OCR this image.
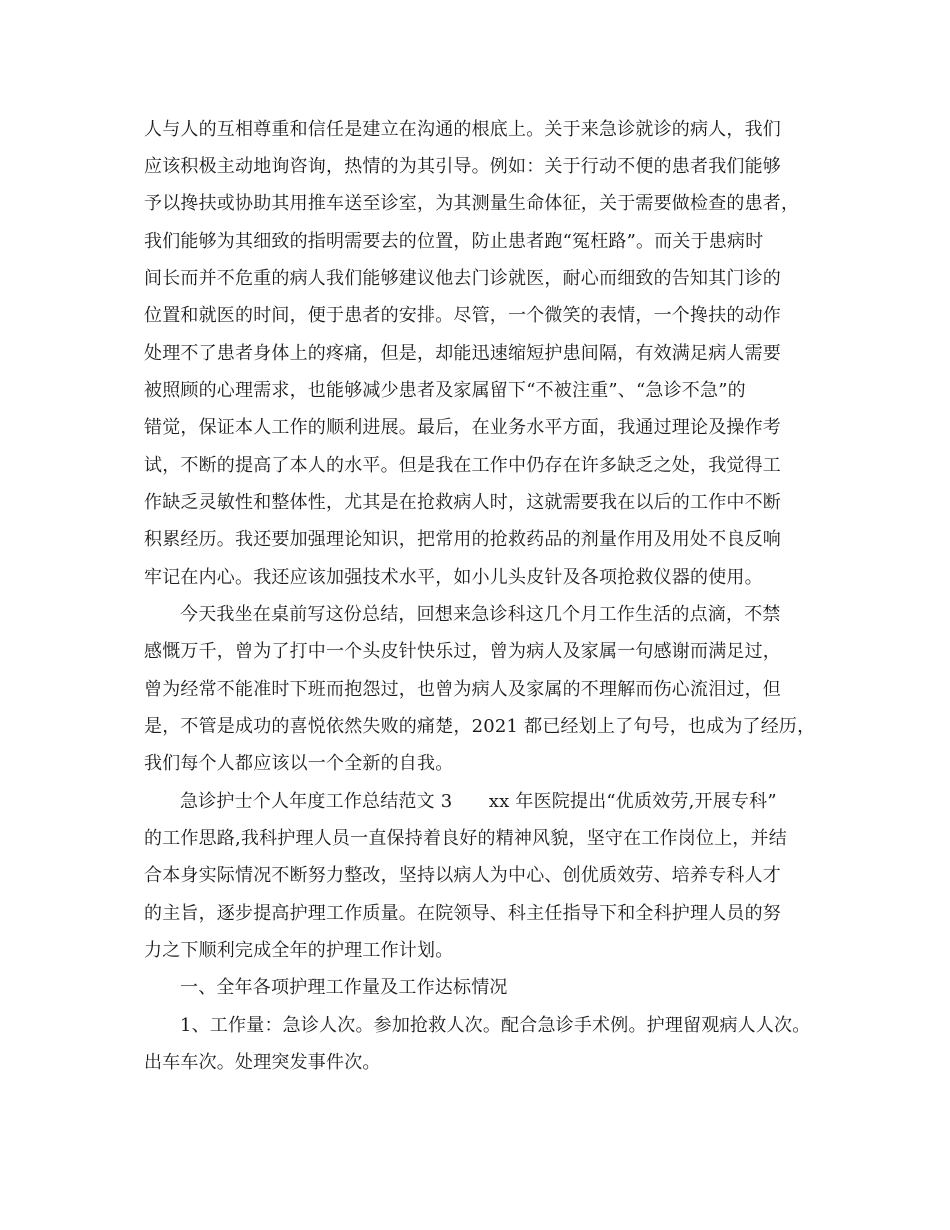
人与人的互相尊重和信任是建立在沟通的根底上。关于来急诊就诊的病人，我们
应该积极主动地询咨询，热情的为其引导。例如：关于行动不便的患者我们能够
予以搀扶或协助其用推车送至诊室，为其测量生命体征，关于需要做检查的患者，
我们能够为其细致的指明需要去的位置，防止患者跑“冤枉路”。而关于患病时
间长而并不危重的病人我们能够建议他去门诊就医，耐心而细致的告知其门诊的
位置和就医的时间，便于患者的安排。尽管，一个微笑的表情，一个搀扶的动作
处理不了患者身体上的疼痛，但是，却能迅速缩短护患间隔，有效满足病人需要
被照顾的心理需求，也能够减少患者及家属留下“不被注重”、“急诊不急”的
错觉，保证本人工作的顺利进展。最后，在业务水平方面，我通过理论及操作考
试，不断的提高了本人的水平。但是我在工作中仍存在许多缺乏之处，我觉得工
作缺乏灵敏性和整体性，尤其是在抢救病人时，这就需要我在以后的工作中不断
积累经历。我还要加强理论知识，把常用的抢救药品的剂量作用及用处不良反响
牢记在内心。我还应该加强技术水平，如小儿头皮针及各项抢救仪器的使用。
今天我坐在桌前写这份总结，回想来急诊科这几个月工作生活的点滴，不禁
感慨万千，曾为了打中一个头皮针快乐过，曾为病人及家属一句感谢而满足过，
曾为经常不能准时下班而抱怨过，也曾为病人及家属的不理解而伤心流泪过，但
是，不管是成功的喜悦依然失败的痛楚，2021 都已经划上了句号，也成为了经历，
我们每个人都应该以一个全新的自我。
急诊护士个人年度工作总结范文 3　　xx 年医院提出“优质效劳,开展专科”
的工作思路,我科护理人员一直保持着良好的精神风貌，坚守在工作岗位上，并结
合本身实际情况不断努力整改，坚持以病人为中心、创优质效劳、培养专科人才
的主旨，逐步提高护理工作质量。在院领导、科主任指导下和全科护理人员的努
力之下顺利完成全年的护理工作计划。
一、全年各项护理工作量及工作达标情况
1、工作量：急诊人次。参加抢救人次。配合急诊手术例。护理留观病人人次。
出车车次。处理突发事件次。
